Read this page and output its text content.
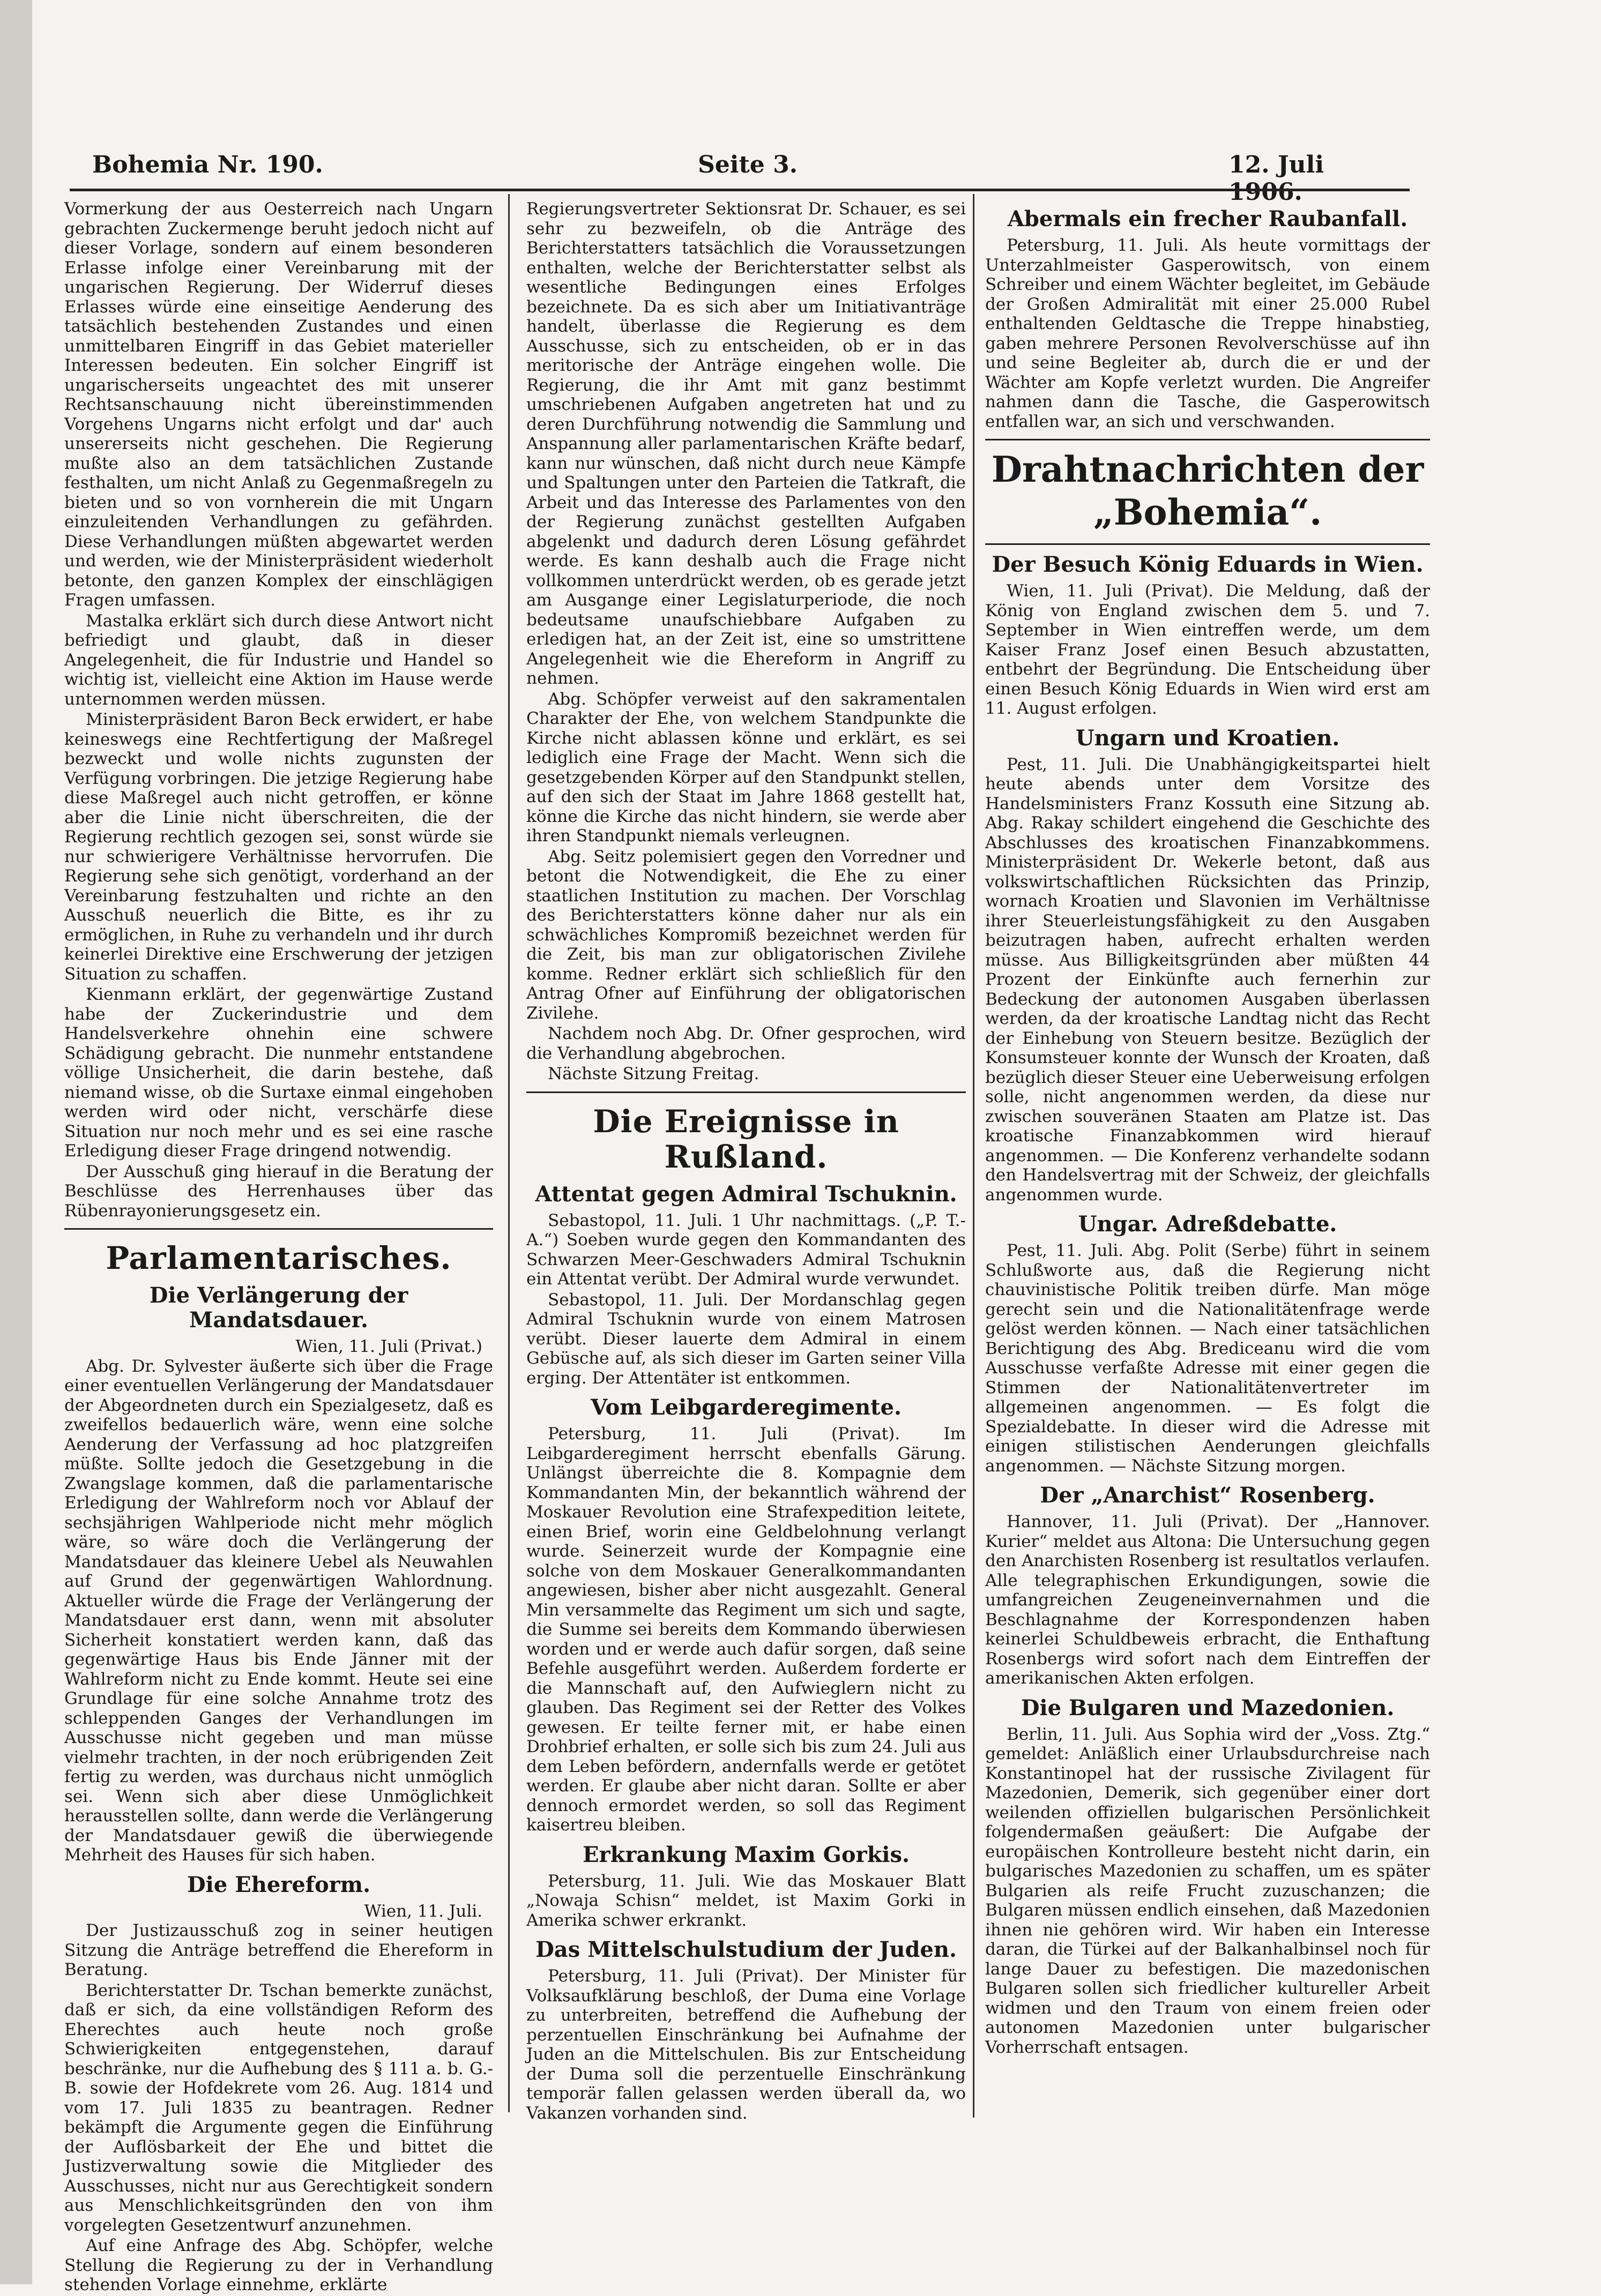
Bohemia Nr. 190.	Seite 3.	12. Juli 1906.

Vormerkung der aus Oesterreich nach Ungarn gebrachten Zuckermenge beruht jedoch nicht auf dieser Vorlage, sondern auf einem besonderen Erlasse infolge einer Vereinbarung mit der ungarischen Regierung. Der Widerruf dieses Erlasses würde eine einseitige Aenderung des tatsächlich bestehenden Zustandes und einen unmittelbaren Eingriff in das Gebiet materieller Interessen bedeuten. Ein solcher Eingriff ist ungarischerseits ungeachtet des mit unserer Rechtsanschauung nicht übereinstimmenden Vorgehens Ungarns nicht erfolgt und dar' auch unsererseits nicht geschehen. Die Regierung mußte also an dem tatsächlichen Zustande festhalten, um nicht Anlaß zu Gegenmaßregeln zu bieten und so von vornherein die mit Ungarn einzuleitenden Verhandlungen zu gefährden. Diese Verhandlungen müßten abgewartet werden und werden, wie der Ministerpräsident wiederholt betonte, den ganzen Komplex der einschlägigen Fragen umfassen.

Mastalka erklärt sich durch diese Antwort nicht befriedigt und glaubt, daß in dieser Angelegenheit, die für Industrie und Handel so wichtig ist, vielleicht eine Aktion im Hause werde unternommen werden müssen.

Ministerpräsident Baron Beck erwidert, er habe keineswegs eine Rechtfertigung der Maßregel bezweckt und wolle nichts zugunsten der Verfügung vorbringen. Die jetzige Regierung habe diese Maßregel auch nicht getroffen, er könne aber die Linie nicht überschreiten, die der Regierung rechtlich gezogen sei, sonst würde sie nur schwierigere Verhältnisse hervorrufen. Die Regierung sehe sich genötigt, vorderhand an der Vereinbarung festzuhalten und richte an den Ausschuß neuerlich die Bitte, es ihr zu ermöglichen, in Ruhe zu verhandeln und ihr durch keinerlei Direktive eine Erschwerung der jetzigen Situation zu schaffen.

Kienmann erklärt, der gegenwärtige Zustand habe der Zuckerindustrie und dem Handelsverkehre ohnehin eine schwere Schädigung gebracht. Die nunmehr entstandene völlige Unsicherheit, die darin bestehe, daß niemand wisse, ob die Surtaxe einmal eingehoben werden wird oder nicht, verschärfe diese Situation nur noch mehr und es sei eine rasche Erledigung dieser Frage dringend notwendig.

Der Ausschuß ging hierauf in die Beratung der Beschlüsse des Herrenhauses über das Rübenrayonierungsgesetz ein.

Parlamentarisches.
Die Verlängerung der Mandatsdauer.
Wien, 11. Juli (Privat.)

Abg. Dr. Sylvester äußerte sich über die Frage einer eventuellen Verlängerung der Mandatsdauer der Abgeordneten durch ein Spezialgesetz, daß es zweifellos bedauerlich wäre, wenn eine solche Aenderung der Verfassung ad hoc platzgreifen müßte. Sollte jedoch die Gesetzgebung in die Zwangslage kommen, daß die parlamentarische Erledigung der Wahlreform noch vor Ablauf der sechsjährigen Wahlperiode nicht mehr möglich wäre, so wäre doch die Verlängerung der Mandatsdauer das kleinere Uebel als Neuwahlen auf Grund der gegenwärtigen Wahlordnung. Aktueller würde die Frage der Verlängerung der Mandatsdauer erst dann, wenn mit absoluter Sicherheit konstatiert werden kann, daß das gegenwärtige Haus bis Ende Jänner mit der Wahlreform nicht zu Ende kommt. Heute sei eine Grundlage für eine solche Annahme trotz des schleppenden Ganges der Verhandlungen im Ausschusse nicht gegeben und man müsse vielmehr trachten, in der noch erübrigenden Zeit fertig zu werden, was durchaus nicht unmöglich sei. Wenn sich aber diese Unmöglichkeit herausstellen sollte, dann werde die Verlängerung der Mandatsdauer gewiß die überwiegende Mehrheit des Hauses für sich haben.

Die Ehereform.
Wien, 11. Juli.

Der Justizausschuß zog in seiner heutigen Sitzung die Anträge betreffend die Ehereform in Beratung.

Berichterstatter Dr. Tschan bemerkte zunächst, daß er sich, da eine vollständigen Reform des Eherechtes auch heute noch große Schwierigkeiten entgegenstehen, darauf beschränke, nur die Aufhebung des § 111 a. b. G.-B. sowie der Hofdekrete vom 26. Aug. 1814 und vom 17. Juli 1835 zu beantragen. Redner bekämpft die Argumente gegen die Einführung der Auflösbarkeit der Ehe und bittet die Justizverwaltung sowie die Mitglieder des Ausschusses, nicht nur aus Gerechtigkeit sondern aus Menschlichkeitsgründen den von ihm vorgelegten Gesetzentwurf anzunehmen.

Auf eine Anfrage des Abg. Schöpfer, welche Stellung die Regierung zu der in Verhandlung stehenden Vorlage einnehme, erklärte

Regierungsvertreter Sektionsrat Dr. Schauer, es sei sehr zu bezweifeln, ob die Anträge des Berichterstatters tatsächlich die Voraussetzungen enthalten, welche der Berichterstatter selbst als wesentliche Bedingungen eines Erfolges bezeichnete. Da es sich aber um Initiativanträge handelt, überlasse die Regierung es dem Ausschusse, sich zu entscheiden, ob er in das meritorische der Anträge eingehen wolle. Die Regierung, die ihr Amt mit ganz bestimmt umschriebenen Aufgaben angetreten hat und zu deren Durchführung notwendig die Sammlung und Anspannung aller parlamentarischen Kräfte bedarf, kann nur wünschen, daß nicht durch neue Kämpfe und Spaltungen unter den Parteien die Tatkraft, die Arbeit und das Interesse des Parlamentes von den der Regierung zunächst gestellten Aufgaben abgelenkt und dadurch deren Lösung gefährdet werde. Es kann deshalb auch die Frage nicht vollkommen unterdrückt werden, ob es gerade jetzt am Ausgange einer Legislaturperiode, die noch bedeutsame unaufschiebbare Aufgaben zu erledigen hat, an der Zeit ist, eine so umstrittene Angelegenheit wie die Ehereform in Angriff zu nehmen.

Abg. Schöpfer verweist auf den sakramentalen Charakter der Ehe, von welchem Standpunkte die Kirche nicht ablassen könne und erklärt, es sei lediglich eine Frage der Macht. Wenn sich die gesetzgebenden Körper auf den Standpunkt stellen, auf den sich der Staat im Jahre 1868 gestellt hat, könne die Kirche das nicht hindern, sie werde aber ihren Standpunkt niemals verleugnen.

Abg. Seitz polemisiert gegen den Vorredner und betont die Notwendigkeit, die Ehe zu einer staatlichen Institution zu machen. Der Vorschlag des Berichterstatters könne daher nur als ein schwächliches Kompromiß bezeichnet werden für die Zeit, bis man zur obligatorischen Zivilehe komme. Redner erklärt sich schließlich für den Antrag Ofner auf Einführung der obligatorischen Zivilehe.

Nachdem noch Abg. Dr. Ofner gesprochen, wird die Verhandlung abgebrochen.

Nächste Sitzung Freitag.

Die Ereignisse in Rußland.
Attentat gegen Admiral Tschuknin.

Sebastopol, 11. Juli. 1 Uhr nachmittags. („P. T.-A.“) Soeben wurde gegen den Kommandanten des Schwarzen Meer-Geschwaders Admiral Tschuknin ein Attentat verübt. Der Admiral wurde verwundet.

Sebastopol, 11. Juli. Der Mordanschlag gegen Admiral Tschuknin wurde von einem Matrosen verübt. Dieser lauerte dem Admiral in einem Gebüsche auf, als sich dieser im Garten seiner Villa erging. Der Attentäter ist entkommen.

Vom Leibgarderegimente.

Petersburg, 11. Juli (Privat). Im Leibgarderegiment herrscht ebenfalls Gärung. Unlängst überreichte die 8. Kompagnie dem Kommandanten Min, der bekanntlich während der Moskauer Revolution eine Strafexpedition leitete, einen Brief, worin eine Geldbelohnung verlangt wurde. Seinerzeit wurde der Kompagnie eine solche von dem Moskauer Generalkommandanten angewiesen, bisher aber nicht ausgezahlt. General Min versammelte das Regiment um sich und sagte, die Summe sei bereits dem Kommando überwiesen worden und er werde auch dafür sorgen, daß seine Befehle ausgeführt werden. Außerdem forderte er die Mannschaft auf, den Aufwieglern nicht zu glauben. Das Regiment sei der Retter des Volkes gewesen. Er teilte ferner mit, er habe einen Drohbrief erhalten, er solle sich bis zum 24. Juli aus dem Leben befördern, andernfalls werde er getötet werden. Er glaube aber nicht daran. Sollte er aber dennoch ermordet werden, so soll das Regiment kaisertreu bleiben.

Erkrankung Maxim Gorkis.

Petersburg, 11. Juli. Wie das Moskauer Blatt „Nowaja Schisn“ meldet, ist Maxim Gorki in Amerika schwer erkrankt.

Das Mittelschulstudium der Juden.

Petersburg, 11. Juli (Privat). Der Minister für Volksaufklärung beschloß, der Duma eine Vorlage zu unterbreiten, betreffend die Aufhebung der perzentuellen Einschränkung bei Aufnahme der Juden an die Mittelschulen. Bis zur Entscheidung der Duma soll die perzentuelle Einschränkung temporär fallen gelassen werden überall da, wo Vakanzen vorhanden sind.

Abermals ein frecher Raubanfall.

Petersburg, 11. Juli. Als heute vormittags der Unterzahlmeister Gasperowitsch, von einem Schreiber und einem Wächter begleitet, im Gebäude der Großen Admiralität mit einer 25.000 Rubel enthaltenden Geldtasche die Treppe hinabstieg, gaben mehrere Personen Revolverschüsse auf ihn und seine Begleiter ab, durch die er und der Wächter am Kopfe verletzt wurden. Die Angreifer nahmen dann die Tasche, die Gasperowitsch entfallen war, an sich und verschwanden.

Drahtnachrichten der „Bohemia“.
Der Besuch König Eduards in Wien.

Wien, 11. Juli (Privat). Die Meldung, daß der König von England zwischen dem 5. und 7. September in Wien eintreffen werde, um dem Kaiser Franz Josef einen Besuch abzustatten, entbehrt der Begründung. Die Entscheidung über einen Besuch König Eduards in Wien wird erst am 11. August erfolgen.

Ungarn und Kroatien.

Pest, 11. Juli. Die Unabhängigkeitspartei hielt heute abends unter dem Vorsitze des Handelsministers Franz Kossuth eine Sitzung ab. Abg. Rakay schildert eingehend die Geschichte des Abschlusses des kroatischen Finanzabkommens. Ministerpräsident Dr. Wekerle betont, daß aus volkswirtschaftlichen Rücksichten das Prinzip, wornach Kroatien und Slavonien im Verhältnisse ihrer Steuerleistungsfähigkeit zu den Ausgaben beizutragen haben, aufrecht erhalten werden müsse. Aus Billigkeitsgründen aber müßten 44 Prozent der Einkünfte auch fernerhin zur Bedeckung der autonomen Ausgaben überlassen werden, da der kroatische Landtag nicht das Recht der Einhebung von Steuern besitze. Bezüglich der Konsumsteuer konnte der Wunsch der Kroaten, daß bezüglich dieser Steuer eine Ueberweisung erfolgen solle, nicht angenommen werden, da diese nur zwischen souveränen Staaten am Platze ist. Das kroatische Finanzabkommen wird hierauf angenommen. — Die Konferenz verhandelte sodann den Handelsvertrag mit der Schweiz, der gleichfalls angenommen wurde.

Ungar. Adreßdebatte.

Pest, 11. Juli. Abg. Polit (Serbe) führt in seinem Schlußworte aus, daß die Regierung nicht chauvinistische Politik treiben dürfe. Man möge gerecht sein und die Nationalitätenfrage werde gelöst werden können. — Nach einer tatsächlichen Berichtigung des Abg. Brediceanu wird die vom Ausschusse verfaßte Adresse mit einer gegen die Stimmen der Nationalitätenvertreter im allgemeinen angenommen. — Es folgt die Spezialdebatte. In dieser wird die Adresse mit einigen stilistischen Aenderungen gleichfalls angenommen. — Nächste Sitzung morgen.

Der „Anarchist“ Rosenberg.

Hannover, 11. Juli (Privat). Der „Hannover. Kurier“ meldet aus Altona: Die Untersuchung gegen den Anarchisten Rosenberg ist resultatlos verlaufen. Alle telegraphischen Erkundigungen, sowie die umfangreichen Zeugeneinvernahmen und die Beschlagnahme der Korrespondenzen haben keinerlei Schuldbeweis erbracht, die Enthaftung Rosenbergs wird sofort nach dem Eintreffen der amerikanischen Akten erfolgen.

Die Bulgaren und Mazedonien.

Berlin, 11. Juli. Aus Sophia wird der „Voss. Ztg.“ gemeldet: Anläßlich einer Urlaubsdurchreise nach Konstantinopel hat der russische Zivilagent für Mazedonien, Demerik, sich gegenüber einer dort weilenden offiziellen bulgarischen Persönlichkeit folgendermaßen geäußert: Die Aufgabe der europäischen Kontrolleure besteht nicht darin, ein bulgarisches Mazedonien zu schaffen, um es später Bulgarien als reife Frucht zuzuschanzen; die Bulgaren müssen endlich einsehen, daß Mazedonien ihnen nie gehören wird. Wir haben ein Interesse daran, die Türkei auf der Balkanhalbinsel noch für lange Dauer zu befestigen. Die mazedonischen Bulgaren sollen sich friedlicher kultureller Arbeit widmen und den Traum von einem freien oder autonomen Mazedonien unter bulgarischer Vorherrschaft entsagen.
